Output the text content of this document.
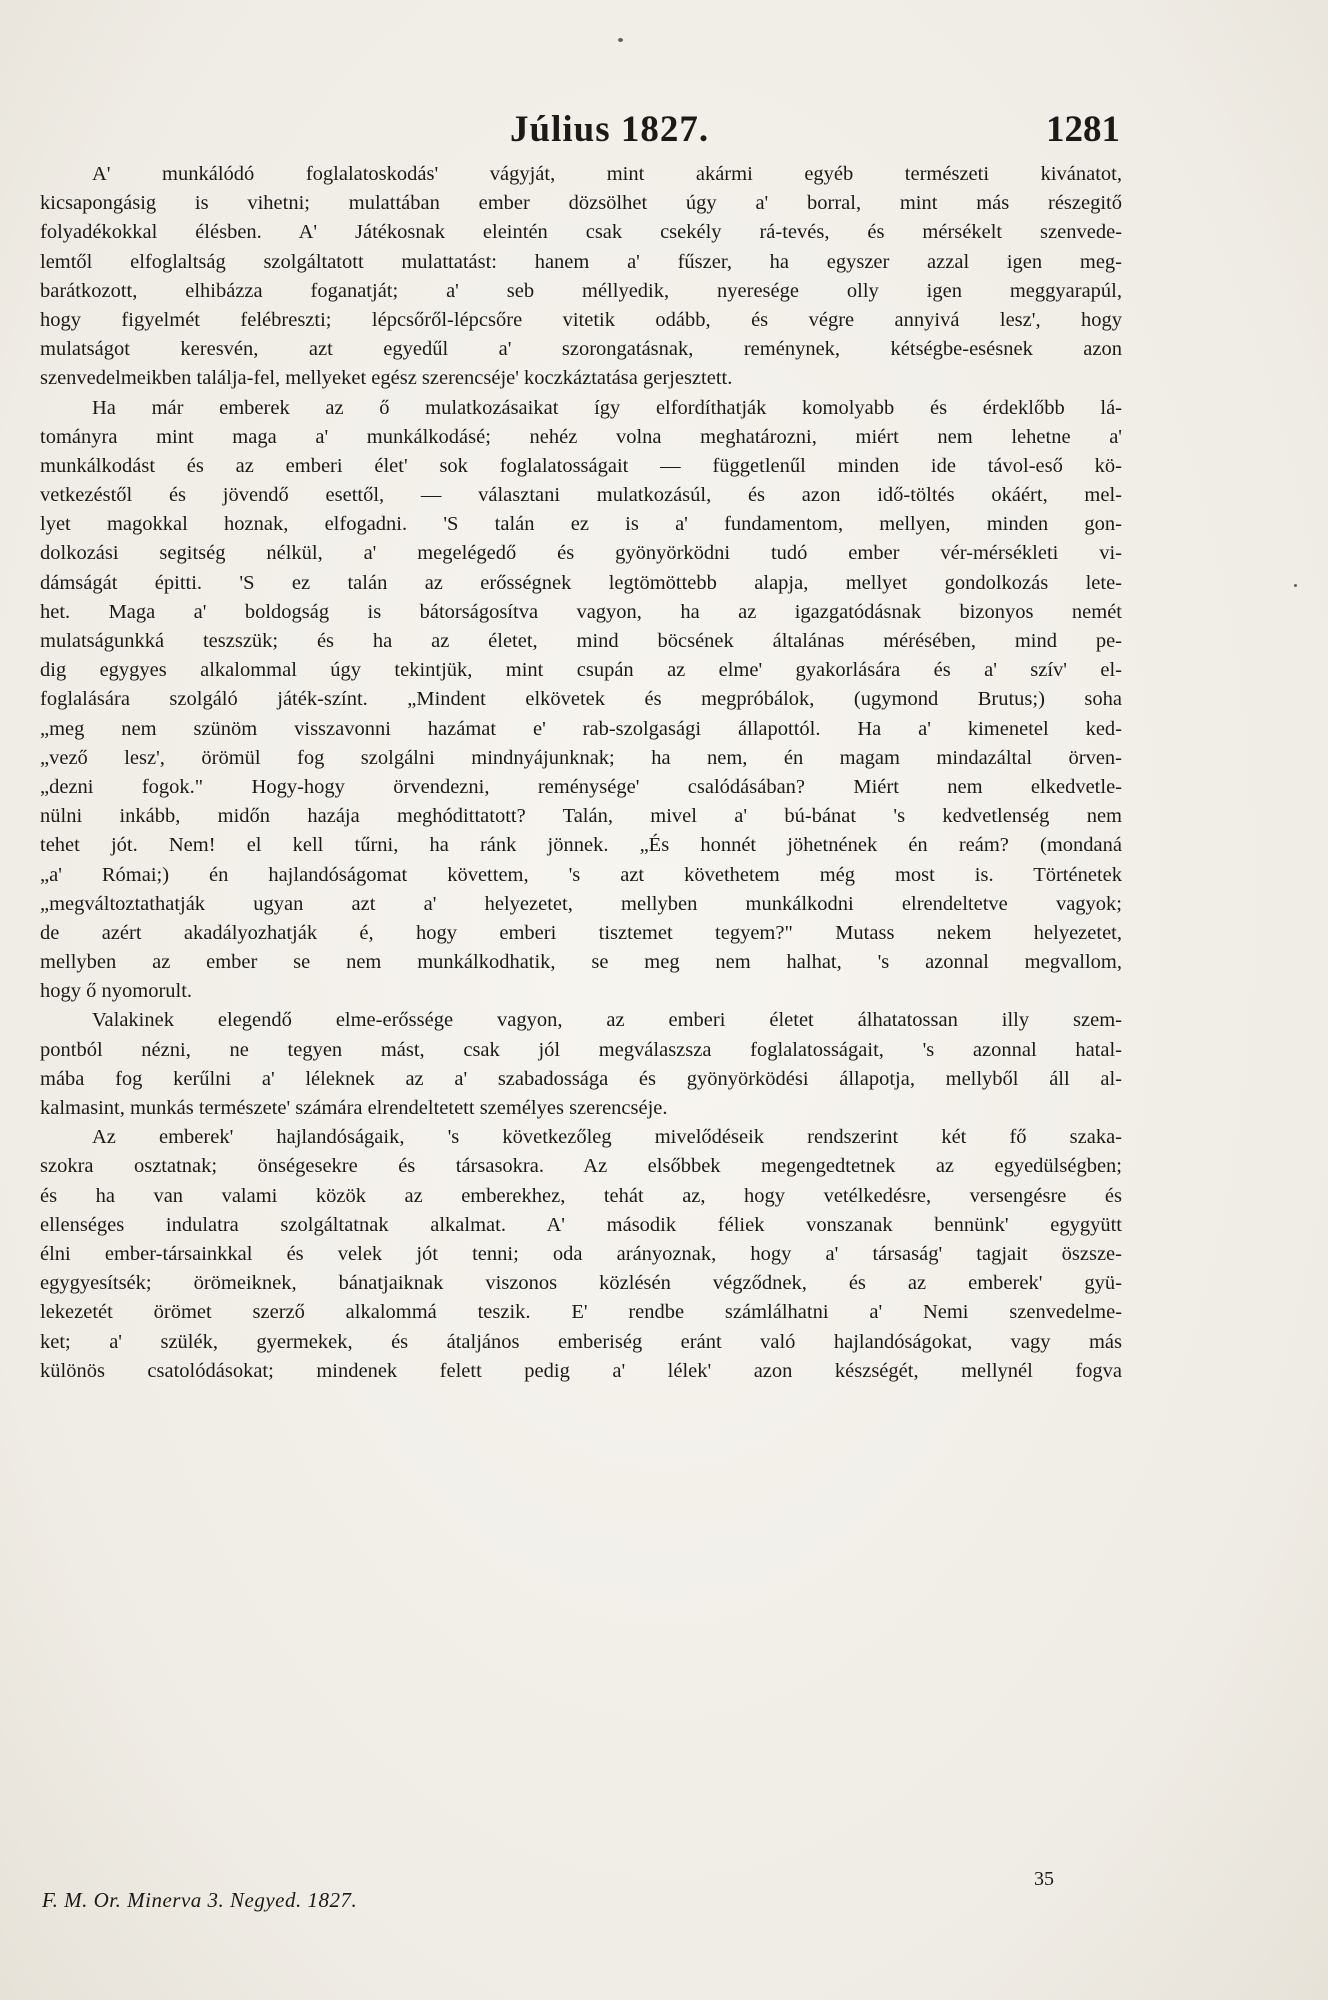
Július 1827.	1281

A' munkálódó foglalatoskodás' vágyját, mint akármi egyéb természeti kivánatot,
kicsapongásig is vihetni; mulattában ember dözsölhet úgy a' borral, mint más részegitő
folyadékokkal élésben. A' Játékosnak eleintén csak csekély rá-tevés, és mérsékelt szenvede-
lemtől elfoglaltság szolgáltatott mulattatást: hanem a' fűszer, ha egyszer azzal igen meg-
barátkozott, elhibázza foganatját; a' seb méllyedik, nyeresége olly igen meggyarapúl,
hogy figyelmét felébreszti; lépcsőről-lépcsőre vitetik odább, és végre annyivá lesz', hogy
mulatságot keresvén, azt egyedűl a' szorongatásnak, reménynek, kétségbe-esésnek azon
szenvedelmeikben találja-fel, mellyeket egész szerencséje' koczkáztatása gerjesztett.

Ha már emberek az ő mulatkozásaikat így elfordíthatják komolyabb és érdeklőbb lá-
tományra mint maga a' munkálkodásé; nehéz volna meghatározni, miért nem lehetne a'
munkálkodást és az emberi élet' sok foglalatosságait — függetlenűl minden ide távol-eső kö-
vetkezéstől és jövendő esettől, — választani mulatkozásúl, és azon idő-töltés okáért, mel-
lyet magokkal hoznak, elfogadni. 'S talán ez is a' fundamentom, mellyen, minden gon-
dolkozási segitség nélkül, a' megelégedő és gyönyörködni tudó ember vér-mérsékleti vi-
dámságát épitti. 'S ez talán az erősségnek legtömöttebb alapja, mellyet gondolkozás lete-
het. Maga a' boldogság is bátorságosítva vagyon, ha az igazgatódásnak bizonyos nemét
mulatságunkká teszszük; és ha az életet, mind böcsének általánas mérésében, mind pe-
dig egygyes alkalommal úgy tekintjük, mint csupán az elme' gyakorlására és a' szív' el-
foglalására szolgáló játék-színt. „Mindent elkövetek és megpróbálok, (ugymond Brutus;) soha
„meg nem szünöm visszavonni hazámat e' rab-szolgasági állapottól. Ha a' kimenetel ked-
„vező lesz', örömül fog szolgálni mindnyájunknak; ha nem, én magam mindazáltal örven-
„dezni fogok." Hogy-hogy örvendezni, reménysége' csalódásában? Miért nem elkedvetle-
nülni inkább, midőn hazája meghódittatott? Talán, mivel a' bú-bánat 's kedvetlenség nem
tehet jót. Nem! el kell tűrni, ha ránk jönnek. „És honnét jöhetnének én reám? (mondaná
„a' Római;) én hajlandóságomat követtem, 's azt követhetem még most is. Történetek
„megváltoztathatják ugyan azt a' helyezetet, mellyben munkálkodni elrendeltetve vagyok;
de azért akadályozhatják é, hogy emberi tisztemet tegyem?" Mutass nekem helyezetet,
mellyben az ember se nem munkálkodhatik, se meg nem halhat, 's azonnal megvallom,
hogy ő nyomorult.

Valakinek elegendő elme-erőssége vagyon, az emberi életet álhatatossan illy szem-
pontból nézni, ne tegyen mást, csak jól megválaszsza foglalatosságait, 's azonnal hatal-
mába fog kerűlni a' léleknek az a' szabadossága és gyönyörködési állapotja, mellyből áll al-
kalmasint, munkás természete' számára elrendeltetett személyes szerencséje.

Az emberek' hajlandóságaik, 's következőleg mivelődéseik rendszerint két fő szaka-
szokra osztatnak; önségesekre és társasokra. Az elsőbbek megengedtetnek az egyedülségben;
és ha van valami közök az emberekhez, tehát az, hogy vetélkedésre, versengésre és
ellenséges indulatra szolgáltatnak alkalmat. A' második féliek vonszanak bennünk' egygyütt
élni ember-társainkkal és velek jót tenni; oda arányoznak, hogy a' társaság' tagjait öszsze-
egygyesítsék; örömeiknek, bánatjaiknak viszonos közlésén végződnek, és az emberek' gyü-
lekezetét örömet szerző alkalommá teszik. E' rendbe számlálhatni a' Nemi szenvedelme-
ket; a' szülék, gyermekek, és átaljános emberiség eránt való hajlandóságokat, vagy más
különös csatolódásokat; mindenek felett pedig a' lélek' azon készségét, mellynél fogva

F. M. Or. Minerva 3. Negyed. 1827.
35
